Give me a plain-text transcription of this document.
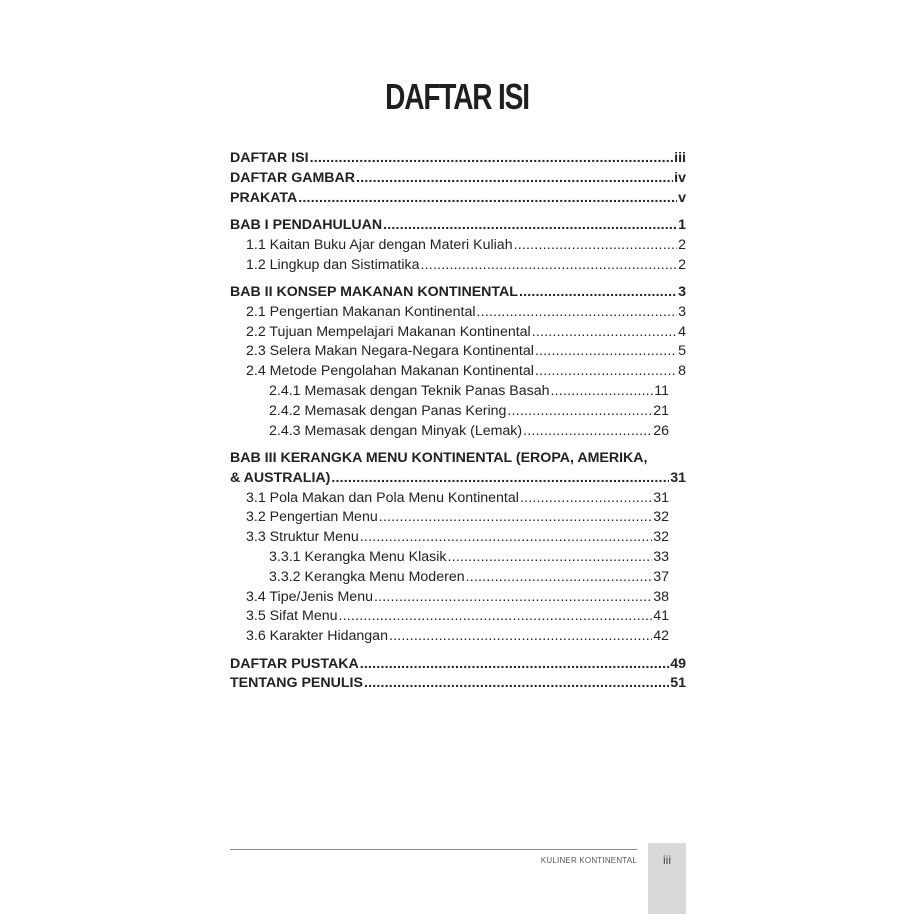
DAFTAR ISI
DAFTAR ISI .....	iii
DAFTAR GAMBAR .....	iv
PRAKATA .....	v
BAB I PENDAHULUAN .....	1
1.1 Kaitan Buku Ajar dengan Materi Kuliah .....	2
1.2 Lingkup dan Sistimatika .....	2
BAB II KONSEP MAKANAN KONTINENTAL .....	3
2.1 Pengertian Makanan Kontinental .....	3
2.2 Tujuan Mempelajari Makanan Kontinental .....	4
2.3 Selera Makan Negara-Negara Kontinental .....	5
2.4 Metode Pengolahan Makanan Kontinental .....	8
2.4.1 Memasak dengan Teknik Panas Basah .....	11
2.4.2 Memasak dengan Panas Kering .....	21
2.4.3 Memasak dengan Minyak (Lemak) .....	26
BAB III KERANGKA MENU KONTINENTAL (EROPA, AMERIKA,
& AUSTRALIA) .....	31
3.1 Pola Makan dan Pola Menu Kontinental .....	31
3.2 Pengertian Menu .....	32
3.3 Struktur Menu .....	32
3.3.1 Kerangka Menu Klasik .....	33
3.3.2 Kerangka Menu Moderen .....	37
3.4 Tipe/Jenis Menu .....	38
3.5 Sifat Menu .....	41
3.6 Karakter Hidangan .....	42
DAFTAR PUSTAKA .....	49
TENTANG PENULIS .....	51
KULINER KONTINENTAL	iii
